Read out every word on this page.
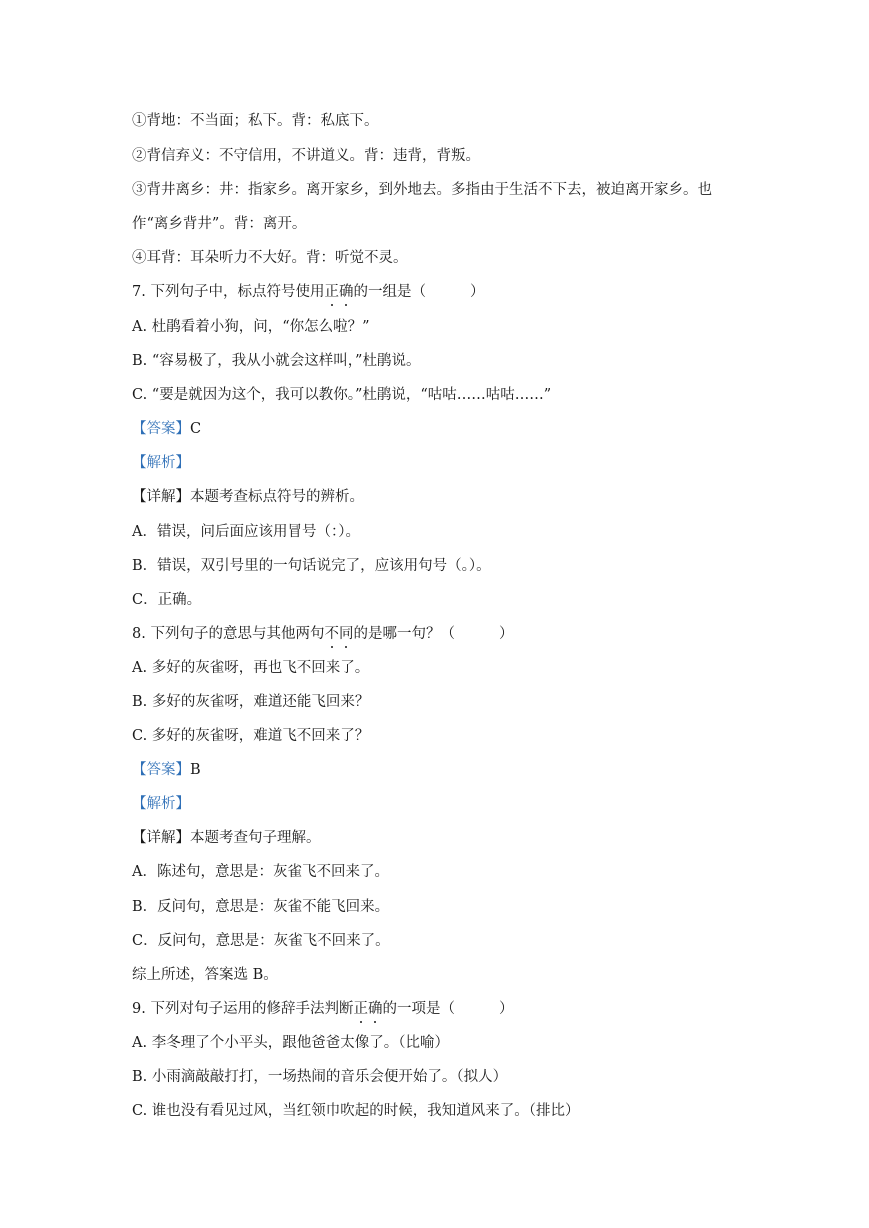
①背地：不当面；私下。背：私底下。
②背信弃义：不守信用，不讲道义。背：违背，背叛。
③背井离乡：井：指家乡。离开家乡，到外地去。多指由于生活不下去，被迫离开家乡。也
作“离乡背井”。背：离开。
④耳背：耳朵听力不大好。背：听觉不灵。
7. 下列句子中，标点符号使用正确的一组是（	）
A. 杜鹃看着小狗，问，“你怎么啦？”
B. “容易极了，我从小就会这样叫，”杜鹃说。
C. “要是就因为这个，我可以教你。”杜鹃说，“咕咕……咕咕……”
【答案】C
【解析】
【详解】本题考查标点符号的辨析。
A．错误，问后面应该用冒号（：）。
B．错误，双引号里的一句话说完了，应该用句号（。）。
C．正确。
8. 下列句子的意思与其他两句不同的是哪一句？（	）
A. 多好的灰雀呀，再也飞不回来了。
B. 多好的灰雀呀，难道还能飞回来？
C. 多好的灰雀呀，难道飞不回来了？
【答案】B
【解析】
【详解】本题考查句子理解。
A．陈述句，意思是：灰雀飞不回来了。
B．反问句，意思是：灰雀不能飞回来。
C．反问句，意思是：灰雀飞不回来了。
综上所述，答案选 B。
9. 下列对句子运用的修辞手法判断正确的一项是（	）
A. 李冬理了个小平头，跟他爸爸太像了。（比喻）
B. 小雨滴敲敲打打，一场热闹的音乐会便开始了。（拟人）
C. 谁也没有看见过风，当红领巾吹起的时候，我知道风来了。（排比）
